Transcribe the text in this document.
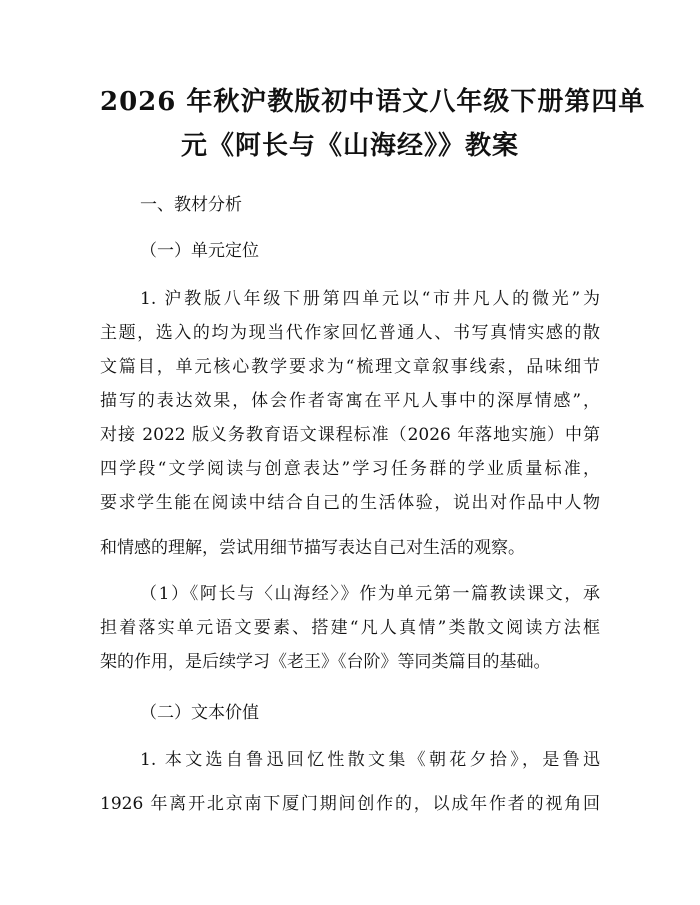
2026 年秋沪教版初中语文八年级下册第四单
元《阿长与《山海经》》教案
一、教材分析
（一）单元定位
1. 沪教版八年级下册第四单元以“市井凡人的微光”为
主题，选入的均为现当代作家回忆普通人、书写真情实感的散
文篇目，单元核心教学要求为“梳理文章叙事线索，品味细节
描写的表达效果，体会作者寄寓在平凡人事中的深厚情感”，
对接 2022 版义务教育语文课程标准（2026 年落地实施）中第
四学段“文学阅读与创意表达”学习任务群的学业质量标准，
要求学生能在阅读中结合自己的生活体验，说出对作品中人物
和情感的理解，尝试用细节描写表达自己对生活的观察。
（1）《阿长与〈山海经〉》作为单元第一篇教读课文，承
担着落实单元语文要素、搭建“凡人真情”类散文阅读方法框
架的作用，是后续学习《老王》《台阶》等同类篇目的基础。
（二）文本价值
1. 本文选自鲁迅回忆性散文集《朝花夕拾》，是鲁迅
1926 年离开北京南下厦门期间创作的，以成年作者的视角回
